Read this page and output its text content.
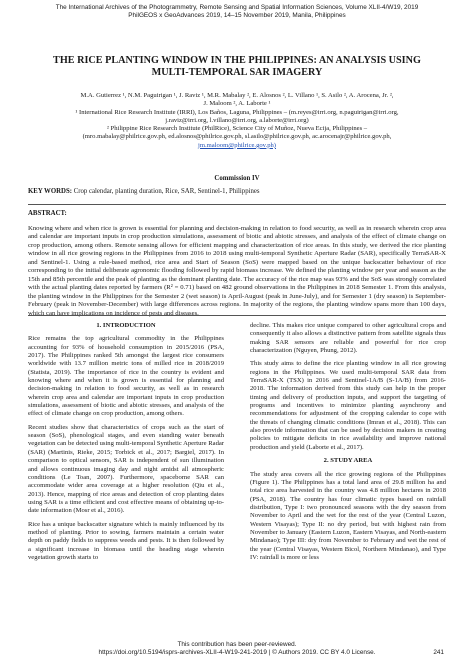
The International Archives of the Photogrammetry, Remote Sensing and Spatial Information Sciences, Volume XLII-4/W19, 2019
PhilGEOS x GeoAdvances 2019, 14–15 November 2019, Manila, Philippines
THE RICE PLANTING WINDOW IN THE PHILIPPINES: AN ANALYSIS USING
MULTI-TEMPORAL SAR IMAGERY
M.A. Gutierrez ¹, N.M. Paguirigan ¹, J. Raviz ¹, M.R. Mabalay ², E. Alosnos ², L. Villano ¹, S. Asilo ², A. Arocena, Jr. ²,
J. Maloom ², A. Laborte ¹
¹ International Rice Research Institute (IRRI), Los Baños, Laguna, Philippines – (m.reyes@irri.org, n.paguirigan@irri.org,
j.raviz@irri.org, l.villano@irri.org, a.laborte@irri.org)
² Philippine Rice Research Institute (PhilRice), Science City of Muñoz, Nueva Ecija, Philippines –
(mro.mabalay@philrice.gov.ph, ed.alosnos@philrice.gov.ph, sl.asilo@philrice.gov.ph, ac.arocenajr@philrice.gov.ph,
jm.maloom@philrice.gov.ph)
Commission IV
KEY WORDS: Crop calendar, planting duration, Rice, SAR, Sentinel-1, Philippines
ABSTRACT:
Knowing where and when rice is grown is essential for planning and decision-making in relation to food security, as well as in research wherein crop area and calendar are important inputs in crop production simulations, assessment of biotic and abiotic stresses, and analysis of the effect of climate change on crop production, among others. Remote sensing allows for efficient mapping and characterization of rice areas. In this study, we derived the rice planting window in all rice growing regions in the Philippines from 2016 to 2018 using multi-temporal Synthetic Aperture Radar (SAR), specifically TerraSAR-X and Sentinel-1. Using a rule-based method, rice area and Start of Season (SoS) were mapped based on the unique backscatter behaviour of rice corresponding to the initial deliberate agronomic flooding followed by rapid biomass increase. We defined the planting window per year and season as the 15th and 85th percentile and the peak of planting as the dominant planting date. The accuracy of the rice map was 93% and the SoS was strongly correlated with the actual planting dates reported by farmers (R² = 0.71) based on 482 ground observations in the Philippines in 2018 Semester 1. From this analysis, the planting window in the Philippines for the Semester 2 (wet season) is April-August (peak in June-July), and for Semester 1 (dry season) is September-February (peak in November-December) with large differences across regions. In majority of the regions, the planting window spans more than 100 days, which can have implications on incidence of pests and diseases.

1. INTRODUCTION

Rice remains the top agricultural commodity in the Philippines accounting for 93% of household consumption in 2015/2016 (PSA, 2017). The Philippines ranked 5th amongst the largest rice consumers worldwide with 13.7 million metric tons of milled rice in 2018/2019 (Statista, 2019). The importance of rice in the country is evident and knowing where and when it is grown is essential for planning and decision-making in relation to food security, as well as in research wherein crop area and calendar are important inputs in crop production simulations, assessment of biotic and abiotic stresses, and analysis of the effect of climate change on crop production, among others.

Recent studies show that characteristics of crops such as the start of season (SoS), phenological stages, and even standing water beneath vegetation can be detected using multi-temporal Synthetic Aperture Radar (SAR) (Martinis, Rieke, 2015; Torbick et al., 2017; Bargiel, 2017). In comparison to optical sensors, SAR is independent of sun illumination and allows continuous imaging day and night amidst all atmospheric conditions (Le Toan, 2007). Furthermore, spaceborne SAR can accommodate wider area coverage at a higher resolution (Qiu et al., 2013). Hence, mapping of rice areas and detection of crop planting dates using SAR is a time efficient and cost effective means of obtaining up-to-date information (Mosr et al., 2016).

Rice has a unique backscatter signature which is mainly influenced by its method of planting. Prior to sowing, farmers maintain a certain water depth on paddy fields to suppress weeds and pests. It is then followed by a significant increase in biomass until the heading stage wherein vegetation growth starts to

decline. This makes rice unique compared to other agricultural crops and consequently it also allows a distinctive pattern from satellite signals thus making SAR sensors are reliable and powerful for rice crop characterization (Nguyen, Phung, 2012).

This study aims to define the rice planting window in all rice growing regions in the Philippines. We used multi-temporal SAR data from TerraSAR-X (TSX) in 2016 and Sentinel-1A/B (S-1A/B) from 2016-2018. The information derived from this study can help in the proper timing and delivery of production inputs, and support the targeting of programs and incentives to minimize planting asynchrony and recommendations for adjustment of the cropping calendar to cope with the threats of changing climatic conditions (Imran et al., 2018). This can also provide information that can be used by decision makers in creating policies to mitigate deficits in rice availability and improve national production and yield (Laborte et al., 2017).

2. STUDY AREA

The study area covers all the rice growing regions of the Philippines (Figure 1). The Philippines has a total land area of 29.8 million ha and total rice area harvested in the country was 4.8 million hectares in 2018 (PSA, 2018). The country has four climatic types based on rainfall distribution, Type I: two pronounced seasons with the dry season from November to April and the wet for the rest of the year (Central Luzon, Western Visayas); Type II: no dry period, but with highest rain from November to January (Eastern Luzon, Eastern Visayas, and North-eastern Mindanao); Type III: dry from November to February and wet the rest of the year (Central Visayas, Western Bicol, Northern Mindanao), and Type IV: rainfall is more or less

This contribution has been peer-reviewed.
https://doi.org/10.5194/isprs-archives-XLII-4-W19-241-2019 | © Authors 2019. CC BY 4.0 License.	241
